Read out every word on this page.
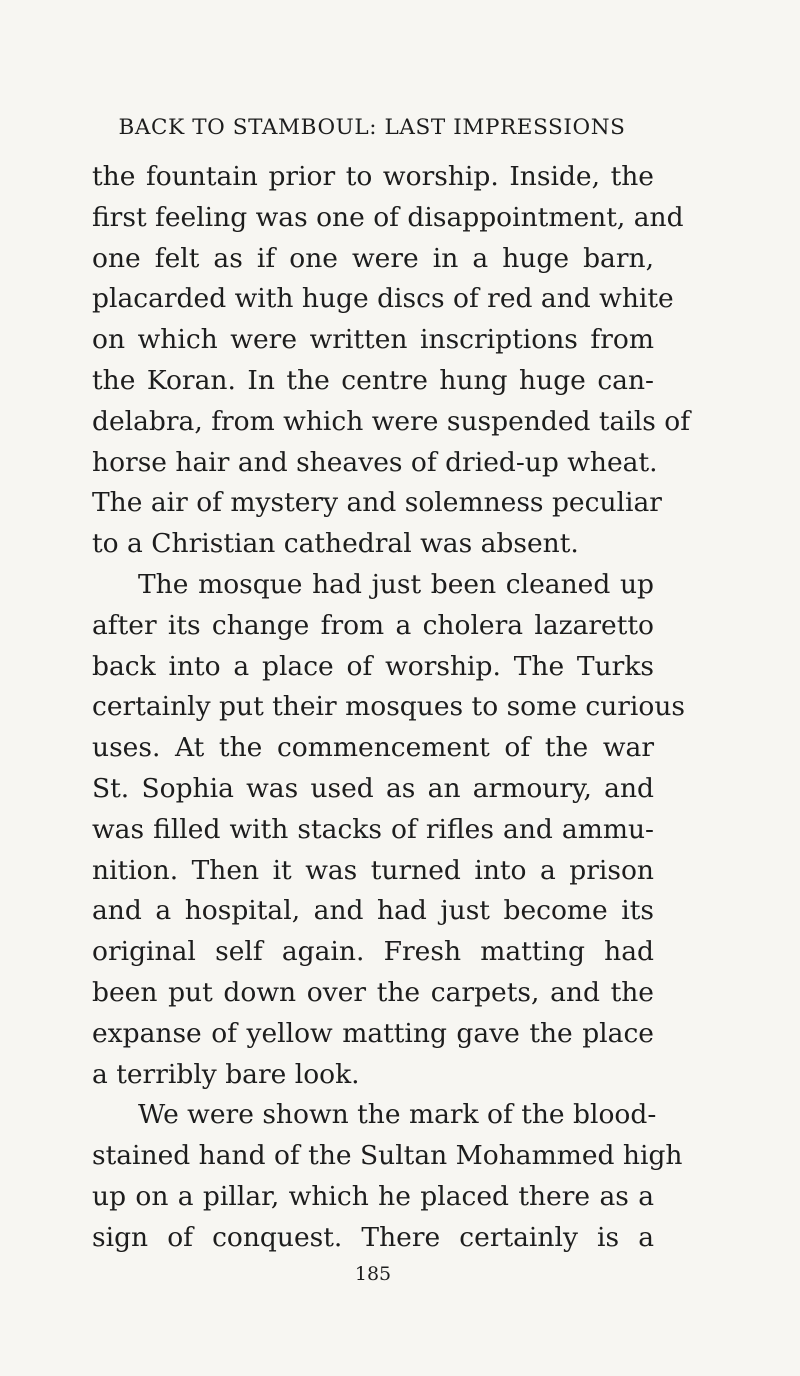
BACK TO STAMBOUL: LAST IMPRESSIONS
the fountain prior to worship. Inside, the
first feeling was one of disappointment, and
one felt as if one were in a huge barn,
placarded with huge discs of red and white
on which were written inscriptions from
the Koran. In the centre hung huge can-
delabra, from which were suspended tails of
horse hair and sheaves of dried-up wheat.
The air of mystery and solemness peculiar
to a Christian cathedral was absent.
The mosque had just been cleaned up
after its change from a cholera lazaretto
back into a place of worship. The Turks
certainly put their mosques to some curious
uses. At the commencement of the war
St. Sophia was used as an armoury, and
was filled with stacks of rifles and ammu-
nition. Then it was turned into a prison
and a hospital, and had just become its
original self again. Fresh matting had
been put down over the carpets, and the
expanse of yellow matting gave the place
a terribly bare look.
We were shown the mark of the blood-
stained hand of the Sultan Mohammed high
up on a pillar, which he placed there as a
sign of conquest. There certainly is a
185
